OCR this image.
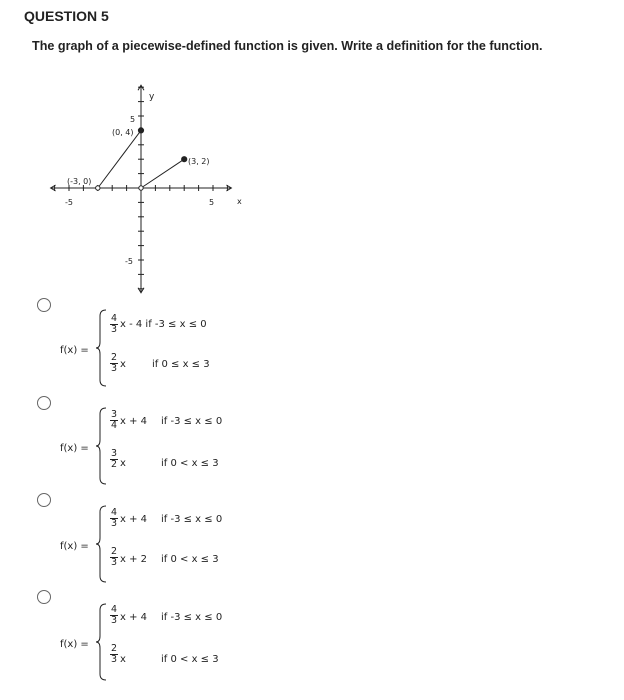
QUESTION 5
The graph of a piecewise-defined function is given. Write a definition for the function.
y
x
5
-5
5
-5
(0, 4)
(3, 2)
(-3, 0)
f(x) =
$\frac{4}{3}$ x - 4 if -3 ≤ x ≤ 0
$\frac{2}{3}$ x	if 0 ≤ x ≤ 3
f(x) =
$\frac{3}{4}$ x + 4 if -3 ≤ x ≤ 0
$\frac{3}{2}$ x	if 0 < x ≤ 3
f(x) =
$\frac{4}{3}$ x + 4 if -3 ≤ x ≤ 0
$\frac{2}{3}$ x + 2 if 0 < x ≤ 3
f(x) =
$\frac{4}{3}$ x + 4 if -3 ≤ x ≤ 0
$\frac{2}{3}$ x	if 0 < x ≤ 3
